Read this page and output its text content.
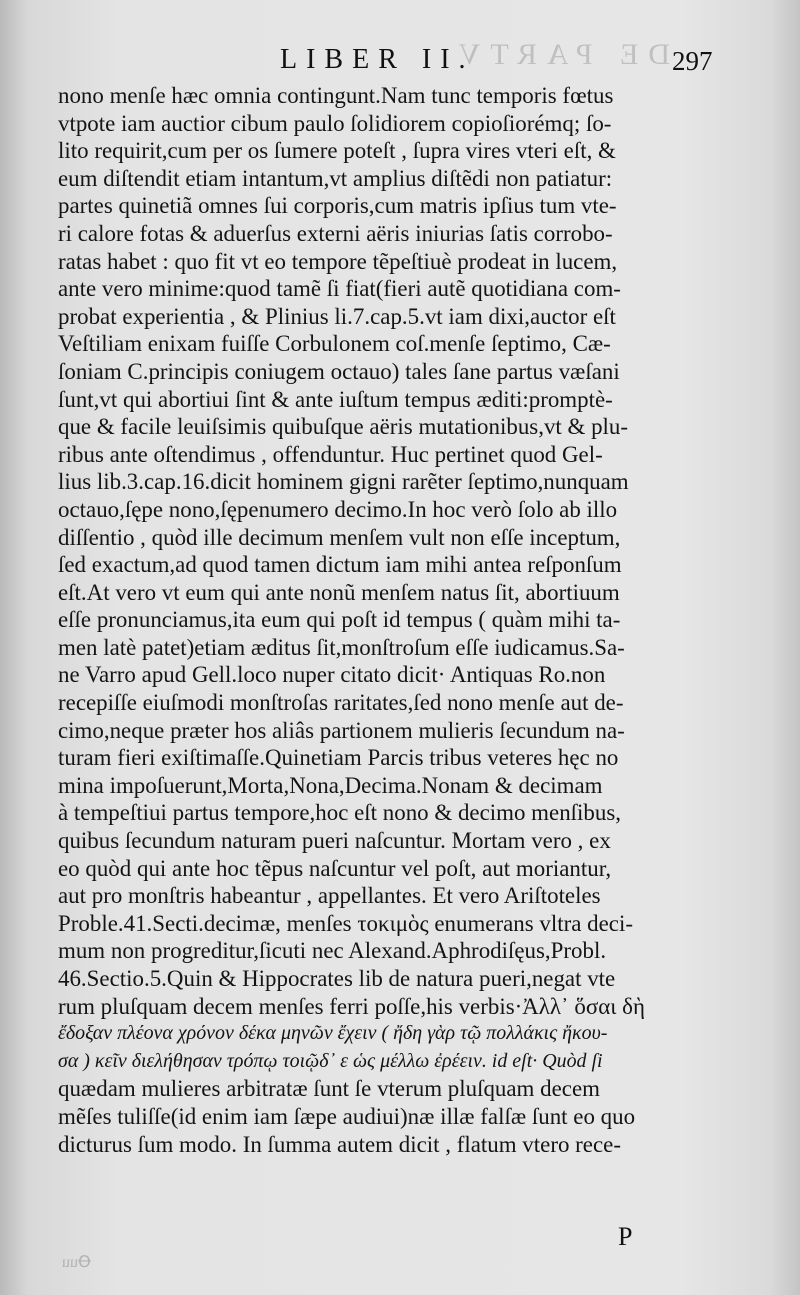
DE PARTV
LIBER II.	297
nono menſe hæc omnia contingunt.Nam tunc temporis fœtus
vtpote iam auctior cibum paulo ſolidiorem copioſiorémq; ſo-
lito requirit,cum per os ſumere poteſt , ſupra vires vteri eſt, &
eum diſtendit etiam intantum,vt amplius diſtẽdi non patiatur:
partes quinetiã omnes ſui corporis,cum matris ipſius tum vte-
ri calore fotas & aduerſus externi aëris iniurias ſatis corrobo-
ratas habet : quo fit vt eo tempore tẽpeſtiuè prodeat in lucem,
ante vero minime:quod tamẽ ſi fiat(fieri autẽ quotidiana com-
probat experientia , & Plinius li.7.cap.5.vt iam dixi,auctor eſt
Veſtiliam enixam fuiſſe Corbulonem coſ.menſe ſeptimo, Cæ-
ſoniam C.principis coniugem octauo) tales ſane partus væſani
ſunt,vt qui abortiui ſint & ante iuſtum tempus æditi:promptè-
que & facile leuiſsimis quibuſque aëris mutationibus,vt & plu-
ribus ante oſtendimus , offenduntur. Huc pertinet quod Gel-
lius lib.3.cap.16.dicit hominem gigni rarẽter ſeptimo,nunquam
octauo,ſępe nono,ſępenumero decimo.In hoc verò ſolo ab illo
diſſentio , quòd ille decimum menſem vult non eſſe inceptum,
ſed exactum,ad quod tamen dictum iam mihi antea reſponſum
eſt.At vero vt eum qui ante nonũ menſem natus ſit, abortiuum
eſſe pronunciamus,ita eum qui poſt id tempus ( quàm mihi ta-
men latè patet)etiam æditus ſit,monſtroſum eſſe iudicamus.Sa-
ne Varro apud Gell.loco nuper citato dicit· Antiquas Ro.non
recepiſſe eiuſmodi monſtroſas raritates,ſed nono menſe aut de-
cimo,neque præter hos aliâs partionem mulieris ſecundum na-
turam fieri exiſtimaſſe.Quinetiam Parcis tribus veteres hęc no
mina impoſuerunt,Morta,Nona,Decima.Nonam & decimam
à tempeſtiui partus tempore,hoc eſt nono & decimo menſibus,
quibus ſecundum naturam pueri naſcuntur. Mortam vero , ex
eo quòd qui ante hoc tẽpus naſcuntur vel poſt, aut moriantur,
aut pro monſtris habeantur , appellantes. Et vero Ariſtoteles
Proble.41.Secti.decimæ, menſes τοκιμὸς enumerans vltra deci-
mum non progreditur,ſicuti nec Alexand.Aphrodiſęus,Probl.
46.Sectio.5.Quin & Hippocrates lib de natura pueri,negat vte
rum pluſquam decem menſes ferri poſſe,his verbis·Ἀλλ᾽ ὅσαι δὴ
ἔδοξαν πλέονα χρόνον δέκα μηνῶν ἔχειν ( ἤδη γὰρ τῷ πολλάκις ἤκου-
σα ) κεῖν διελήθησαν τρόπῳ τοιῷδ᾽ ε ὡς μέλλω ἐρέειν. id eſt· Quòd ſi
quædam mulieres arbitratæ ſunt ſe vterum pluſquam decem
mẽſes tuliſſe(id enim iam ſæpe audiui)næ illæ falſæ ſunt eo quo
dicturus ſum modo. In ſumma autem dicit , flatum vtero rece-
Ꝋuu
P
